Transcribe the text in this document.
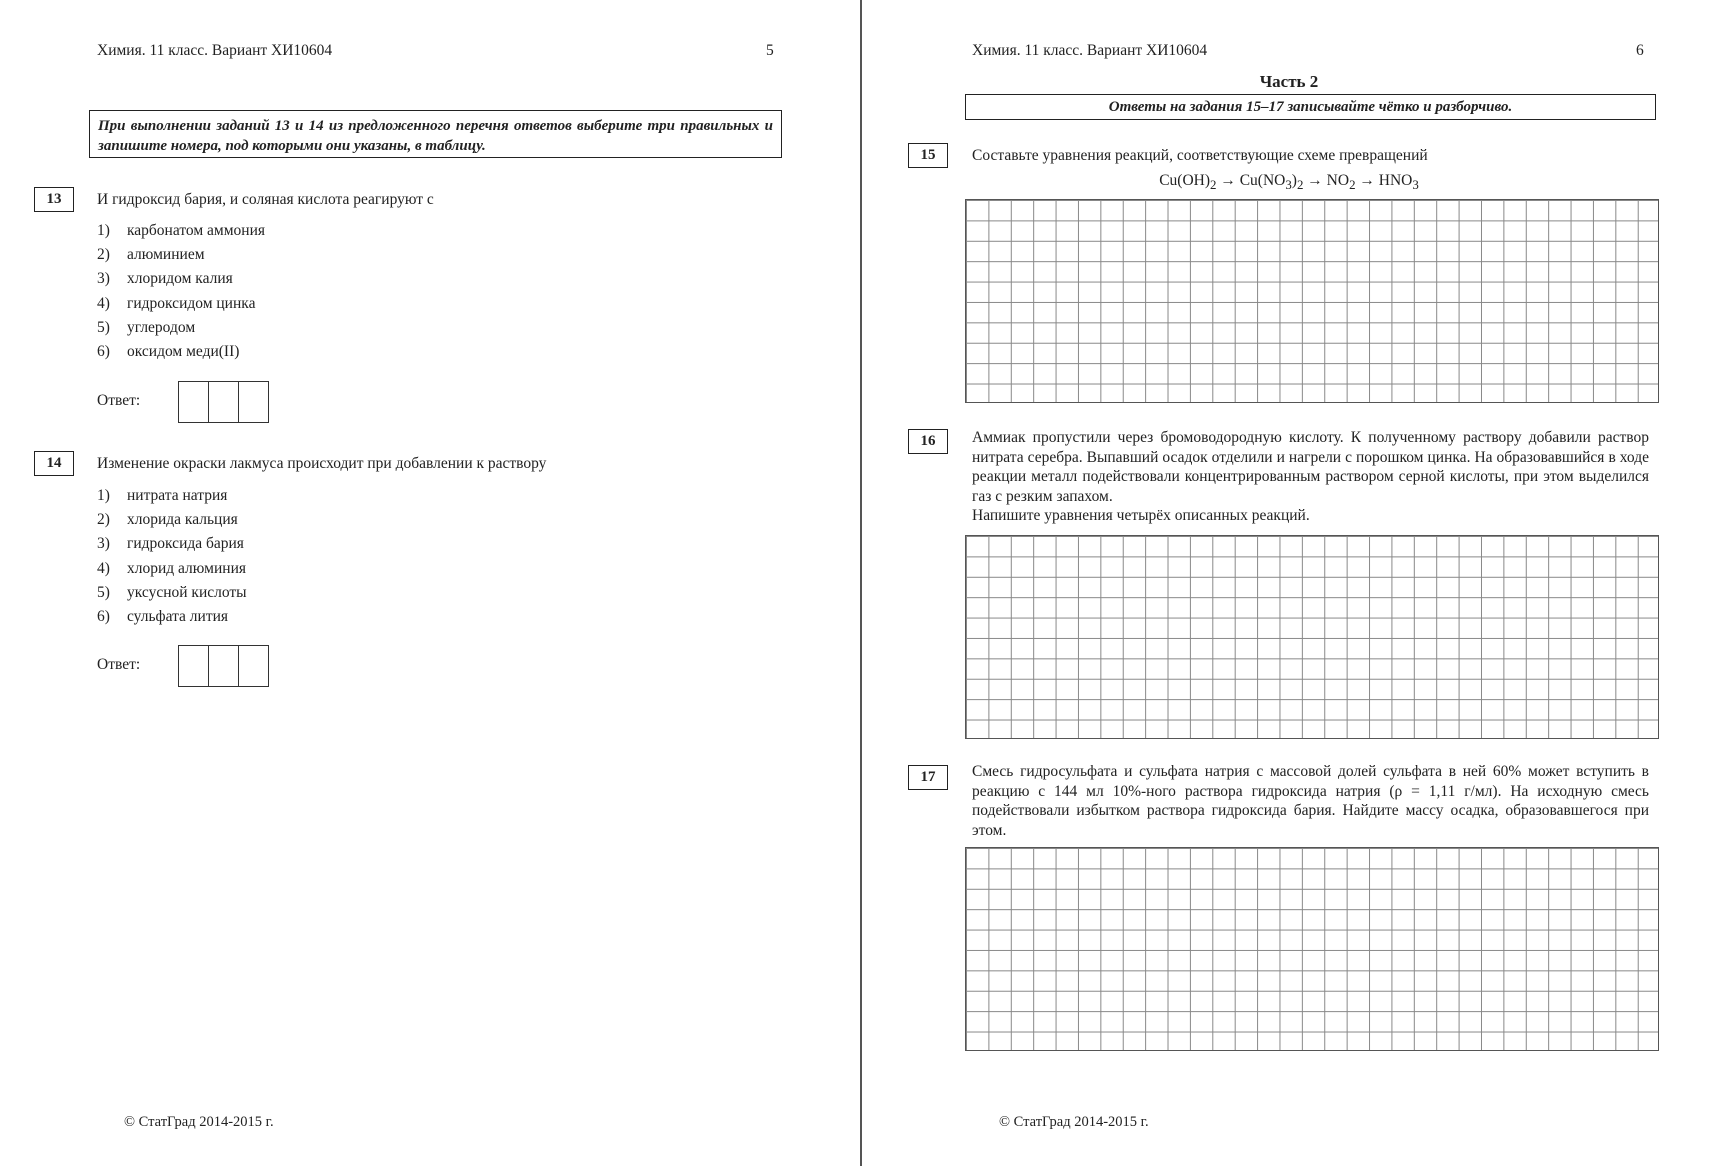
Химия. 11 класс. Вариант ХИ10604	5
При выполнении заданий 13 и 14 из предложенного перечня ответов выберите три правильных и запишите номера, под которыми они указаны, в таблицу.
13	И гидроксид бария, и соляная кислота реагируют с
1) карбонатом аммония
2) алюминием
3) хлоридом калия
4) гидроксидом цинка
5) углеродом
6) оксидом меди(II)
Ответ:
14	Изменение окраски лакмуса происходит при добавлении к раствору
1) нитрата натрия
2) хлорида кальция
3) гидроксида бария
4) хлорид алюминия
5) уксусной кислоты
6) сульфата лития
Ответ:
© СтатГрад 2014-2015 г.
Химия. 11 класс. Вариант ХИ10604	6
Часть 2
Ответы на задания 15–17 записывайте чётко и разборчиво.
15	Составьте уравнения реакций, соответствующие схеме превращений

$Cu(OH)_2 \to Cu(NO_3)_2 \to NO_2 \to HNO_3$
16	Аммиак пропустили через бромоводородную кислоту. К полученному раствору добавили раствор нитрата серебра. Выпавший осадок отделили и нагрели с порошком цинка. На образовавшийся в ходе реакции металл подействовали концентрированным раствором серной кислоты, при этом выделился газ с резким запахом.

Напишите уравнения четырёх описанных реакций.

17	Смесь гидросульфата и сульфата натрия с массовой долей сульфата в ней 60% может вступить в реакцию с 144 мл 10%-ного раствора гидроксида натрия (ρ = 1,11 г/мл). На исходную смесь подействовали избытком раствора гидроксида бария. Найдите массу осадка, образовавшегося при этом.

© СтатГрад 2014-2015 г.
